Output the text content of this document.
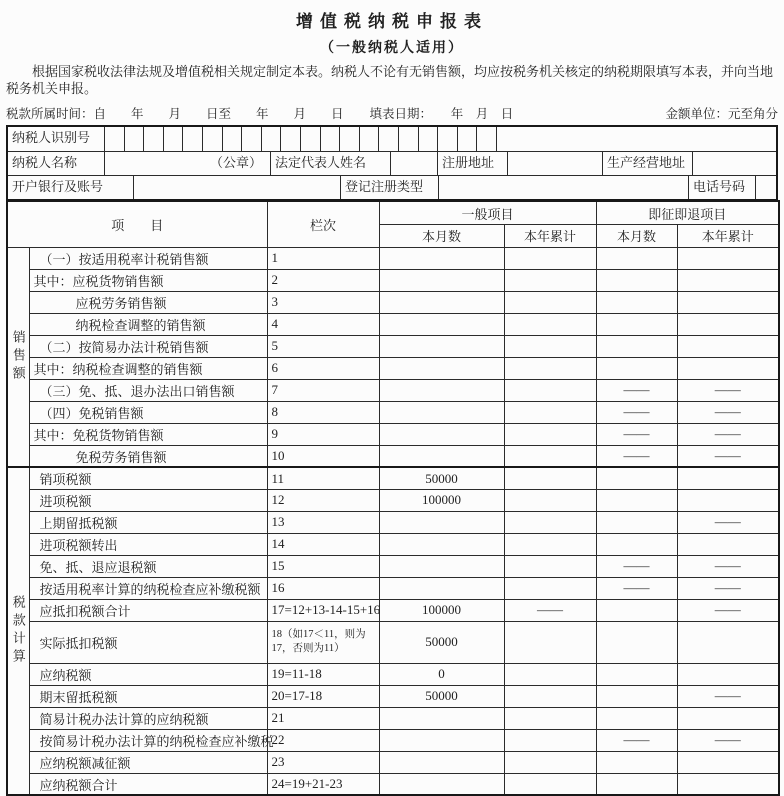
增值税纳税申报表
（一般纳税人适用）
根据国家税收法律法规及增值税相关规定制定本表。纳税人不论有无销售额，均应按税务机关核定的纳税期限填写本表，并向当地税务机关申报。
税款所属时间：自　　年　　月　　日至　　年　　月　　日 填表日期：　　年　月　日	金额单位：元至角分
纳税人识别号
纳税人名称	（公章）	法定代表人姓名	注册地址	生产经营地址
开户银行及账号	登记注册类型	电话号码
项　　目		栏次	一般项目		即征即退项目	
			本月数	本年累计	本月数	本年累计
销售额	（一）按适用税率计税销售额	1				
	其中：应税货物销售额	2				
	应税劳务销售额	3				
	纳税检查调整的销售额	4				
	（二）按简易办法计税销售额	5				
	其中：纳税检查调整的销售额	6				
	（三）免、抵、退办法出口销售额	7			——	——
	（四）免税销售额	8			——	——
	其中：免税货物销售额	9			——	——
	免税劳务销售额	10			——	——
税款计算	销项税额	11	50000			
	进项税额	12	100000			
	上期留抵税额	13				——
	进项税额转出	14				
	免、抵、退应退税额	15			——	——
	按适用税率计算的纳税检查应补缴税额	16			——	——
	应抵扣税额合计	17=12+13-14-15+16	100000	——		——
	实际抵扣税额	18（如17＜11，则为17，否则为11）	50000			
	应纳税额	19=11-18	0			
	期末留抵税额	20=17-18	50000			——
	简易计税办法计算的应纳税额	21				
	按简易计税办法计算的纳税检查应补缴税	22			——	——
	应纳税额减征额	23				
	应纳税额合计	24=19+21-23				
